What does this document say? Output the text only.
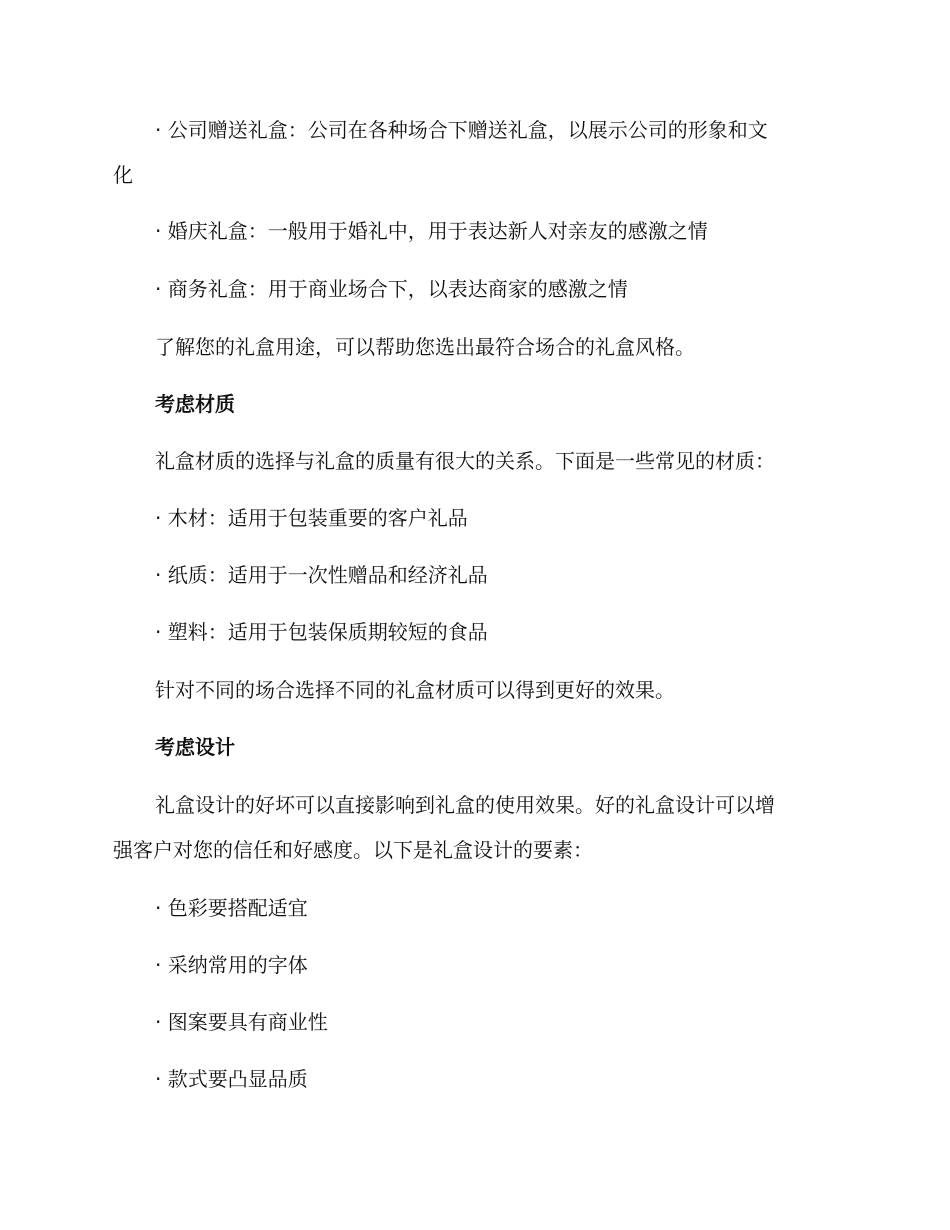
· 公司赠送礼盒：公司在各种场合下赠送礼盒，以展示公司的形象和文
化
· 婚庆礼盒：一般用于婚礼中，用于表达新人对亲友的感激之情
· 商务礼盒：用于商业场合下，以表达商家的感激之情
了解您的礼盒用途，可以帮助您选出最符合场合的礼盒风格。
考虑材质
礼盒材质的选择与礼盒的质量有很大的关系。下面是一些常见的材质：
· 木材：适用于包装重要的客户礼品
· 纸质：适用于一次性赠品和经济礼品
· 塑料：适用于包装保质期较短的食品
针对不同的场合选择不同的礼盒材质可以得到更好的效果。
考虑设计
礼盒设计的好坏可以直接影响到礼盒的使用效果。好的礼盒设计可以增
强客户对您的信任和好感度。以下是礼盒设计的要素：
· 色彩要搭配适宜
· 采纳常用的字体
· 图案要具有商业性
· 款式要凸显品质
